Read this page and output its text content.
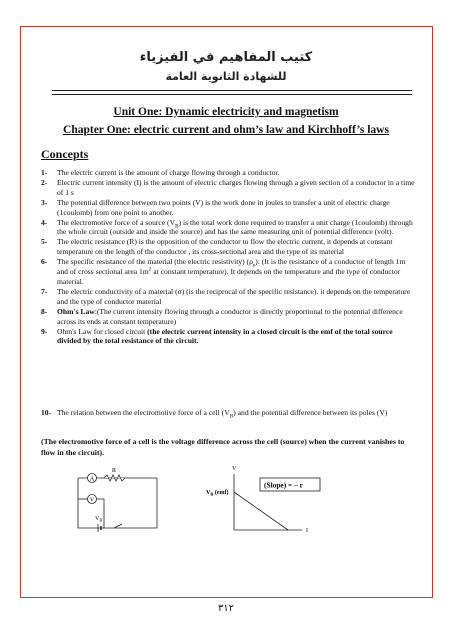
كتيب المفاهيم في الفيزياء
للشهادة الثانوية العامة
Unit One: Dynamic electricity and magnetism
Chapter One: electric current and ohm’s law and Kirchhoff’s laws
Concepts
1- The electric current is the amount of charge flowing through a conductor.
2- Electric current intensity (I) is the amount of electric charges flowing through a given section of a conductor in a time of 1 s
3- The potential difference between two points (V) is the work done in joules to transfer a unit of electric charge (1coulomb) from one point to another.
4- The electromotive force of a source $(V_B)$ is the total work done required to transfer a unit charge (1coulomb) through the whole circuit (outside and inside the source) and has the same measuring unit of potential difference (volt).
5- The electric resistance (R) is the opposition of the conductor to flow the electric current, it depends at constant temperature on the length of the conductor , its cross-sectional area and the type of its material
6- The specific resistance of the material (the electric resistivity) $(\rho_e)$: (It is the resistance of a conductor of length 1m and of cross sectional area $1m^2$ at constant temperature). It depends on the temperature and the type of conductor material.
7- The electric conductivity of a material (σ) (is the reciprocal of the specific resistance). it depends on the temperature and the type of conductor material
8- Ohm's Law:(The current intensity flowing through a conductor is directly proportional to the potential difference across its ends at constant temperature)
9- Ohm's Law for closed circuit (the electric current intensity in a closed circuit is the emf of the total source divided by the total resistance of the circuit.
10- The relation between the electromotive force of a cell $(V_B)$ and the potential difference between its poles (V)
(The electromotive force of a cell is the voltage difference across the cell (source) when the current vanishes to flow in the circuit).
A
V
R
$V_B$
V
I
$V_B$ (emf)
(Slope) = – r
٣١٢
